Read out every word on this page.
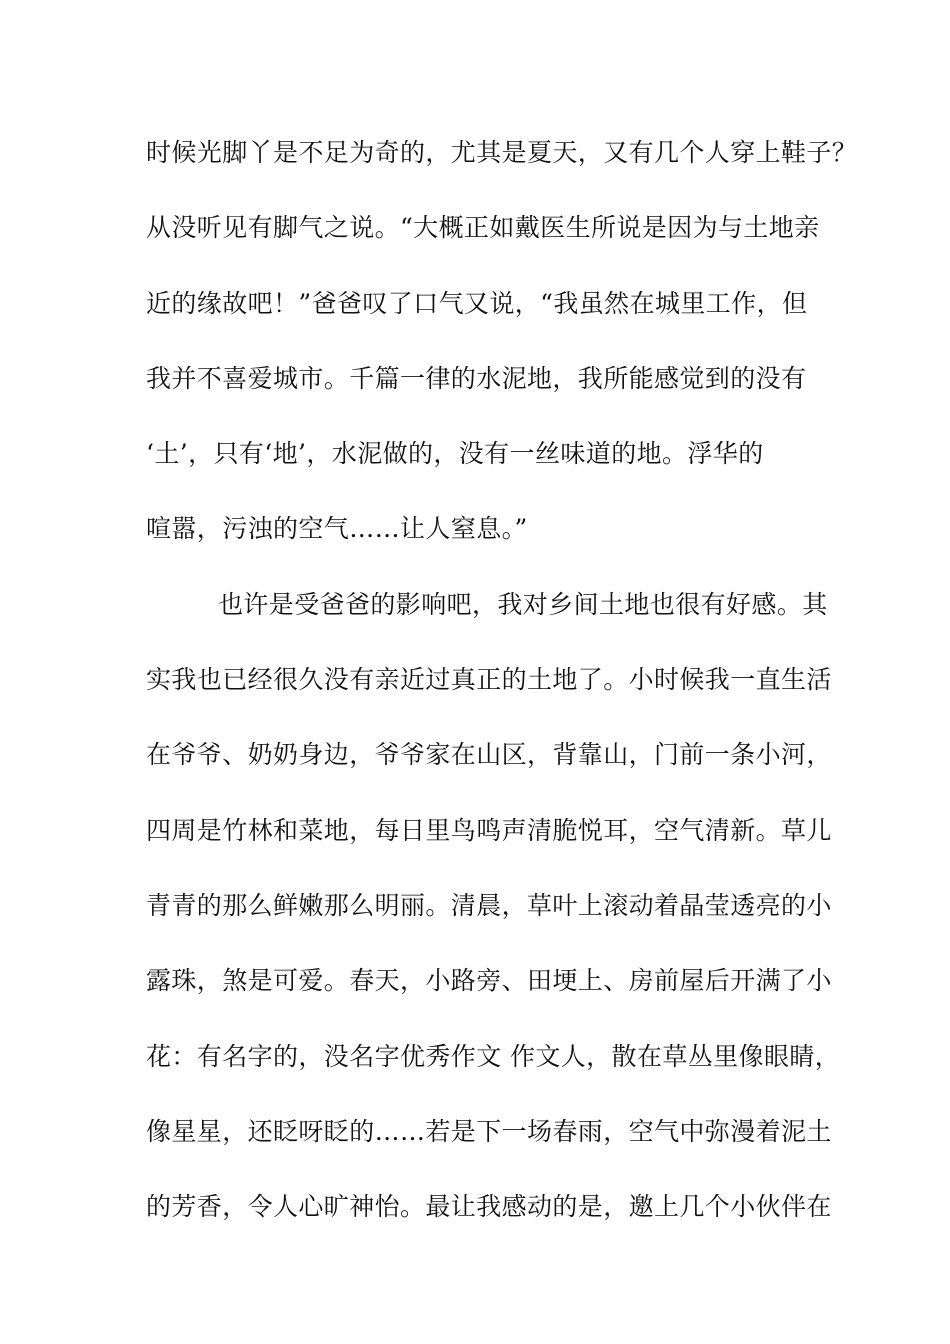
时候光脚丫是不足为奇的，尤其是夏天，又有几个人穿上鞋子？
从没听见有脚气之说。“大概正如戴医生所说是因为与土地亲
近的缘故吧！”爸爸叹了口气又说，“我虽然在城里工作，但
我并不喜爱城市。千篇一律的水泥地，我所能感觉到的没有
‘土’，只有‘地’，水泥做的，没有一丝味道的地。浮华的
喧嚣，污浊的空气……让人窒息。”
也许是受爸爸的影响吧，我对乡间土地也很有好感。其
实我也已经很久没有亲近过真正的土地了。小时候我一直生活
在爷爷、奶奶身边，爷爷家在山区，背靠山，门前一条小河，
四周是竹林和菜地，每日里鸟鸣声清脆悦耳，空气清新。草儿
青青的那么鲜嫩那么明丽。清晨，草叶上滚动着晶莹透亮的小
露珠，煞是可爱。春天，小路旁、田埂上、房前屋后开满了小
花：有名字的，没名字优秀作文 作文人，散在草丛里像眼睛，
像星星，还眨呀眨的……若是下一场春雨，空气中弥漫着泥土
的芳香，令人心旷神怡。最让我感动的是，邀上几个小伙伴在
